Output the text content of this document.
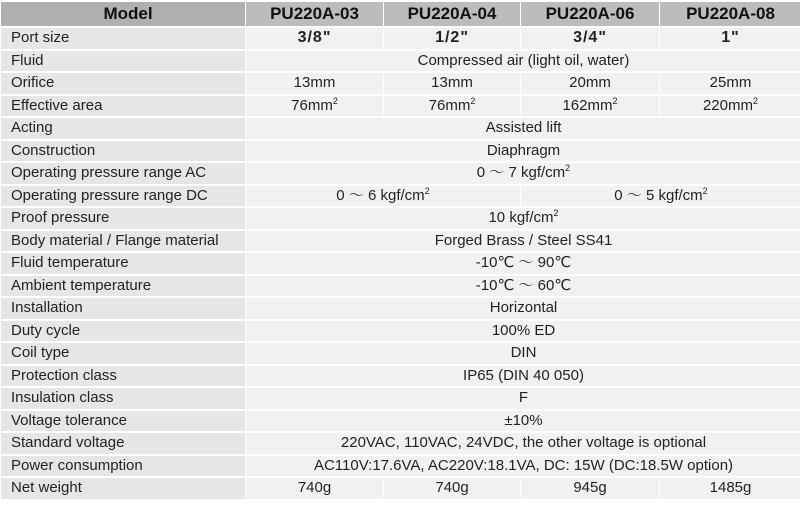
Model	PU220A-03	PU220A-04	PU220A-06	PU220A-08
Port size	3/8"	1/2"	3/4"	1"
Fluid	Compressed air (light oil, water)			
Orifice	13mm	13mm	20mm	25mm
Effective area	$76mm^2$	$76mm^2$	$162mm^2$	$220mm^2$
Acting	Assisted lift			
Construction	Diaphragm			
Operating pressure range AC	0 ～ 7 kgf/$cm^2$
Operating pressure range DC	0 ～ 6 kgf/$cm^2$		0 ～ 5 kgf/$cm^2$
Proof pressure	10 kgf/$cm^2$
Body material / Flange material	Forged Brass / Steel SS41			
Fluid temperature	-10℃ ～ 90℃			
Ambient temperature	-10℃ ～ 60℃			
Installation	Horizontal			
Duty cycle	100% ED			
Coil type	DIN			
Protection class	IP65 (DIN 40 050)			
Insulation class	F			
Voltage tolerance	±10%			
Standard voltage	220VAC, 110VAC, 24VDC, the other voltage is optional			
Power consumption	AC110V:17.6VA, AC220V:18.1VA, DC: 15W (DC:18.5W option)			
Net weight	740g	740g	945g	1485g
